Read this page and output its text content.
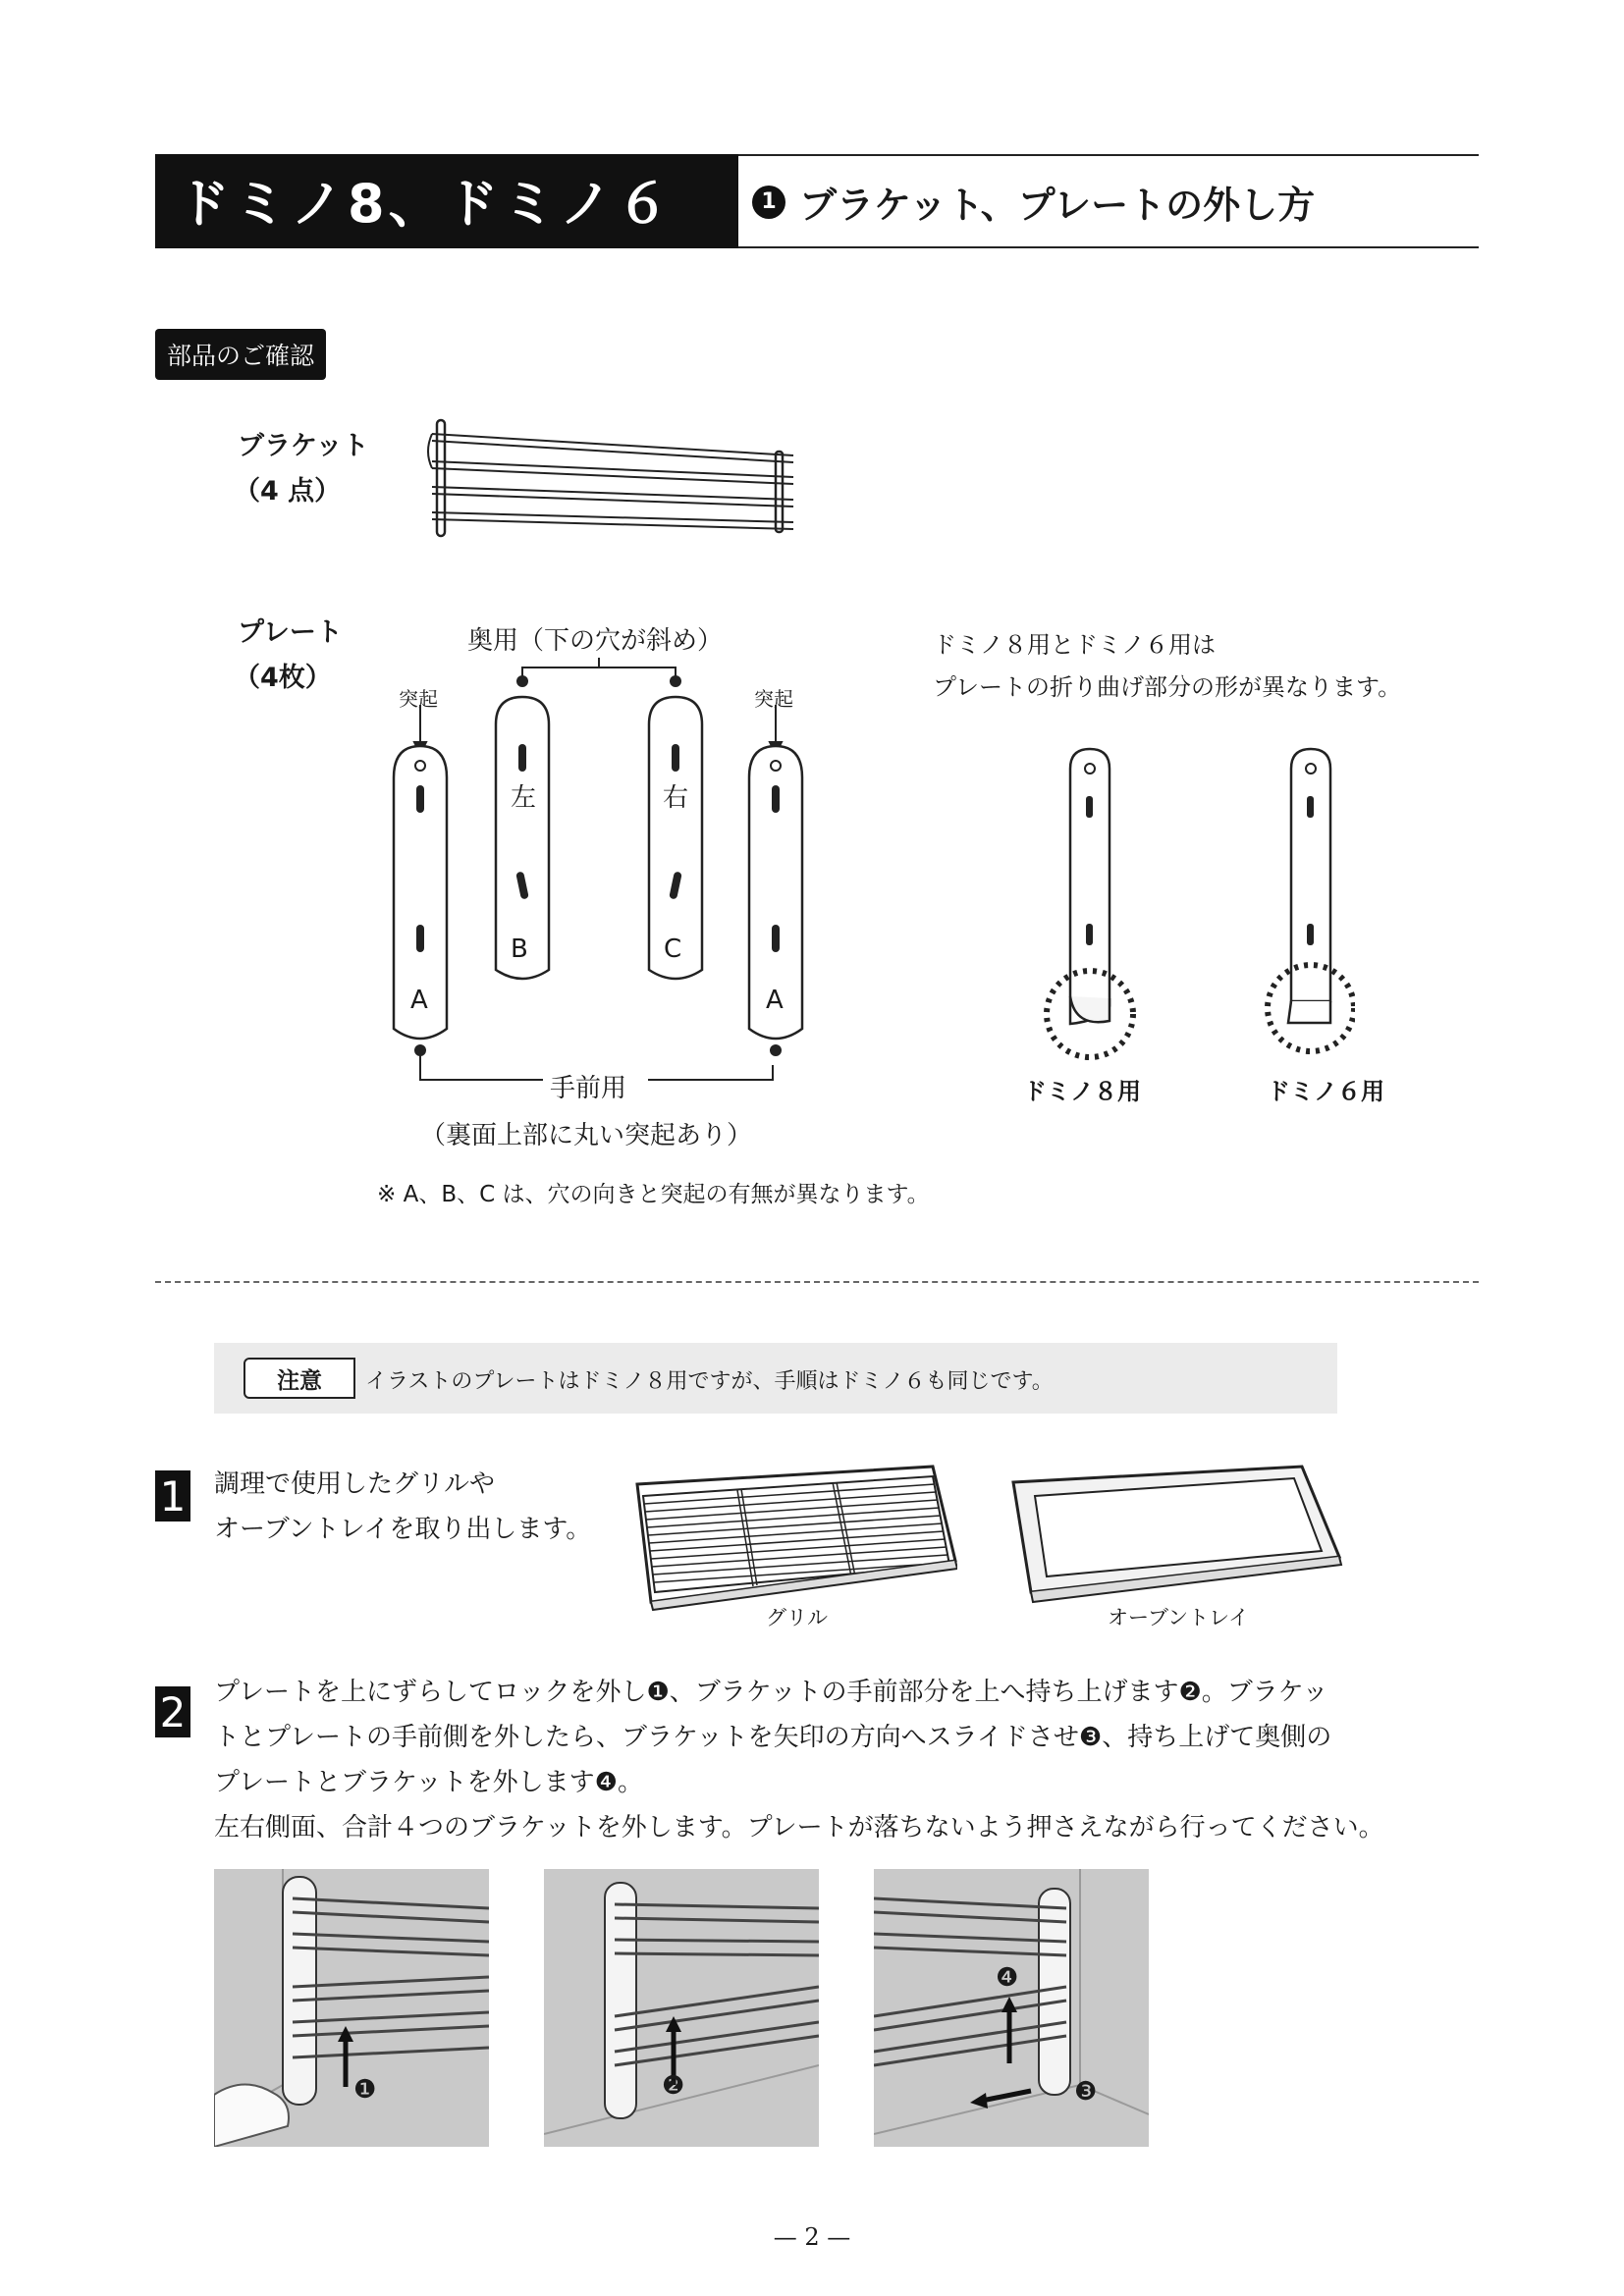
ドミノ8、ドミノ６	1 ブラケット、プレートの外し方
部品のご確認
ブラケット
（4 点）
プレート
（4枚）
奥用（下の穴が斜め）
突起	突起
左	右
B	C
A	A
手前用
（裏面上部に丸い突起あり）
※ A、B、C は、穴の向きと突起の有無が異なります。
ドミノ８用とドミノ６用は
プレートの折り曲げ部分の形が異なります。
ドミノ８用	ドミノ６用
注意	イラストのプレートはドミノ８用ですが、手順はドミノ６も同じです。
1 調理で使用したグリルや
オーブントレイを取り出します。
グリル	オーブントレイ
2 プレートを上にずらしてロックを外し❶、ブラケットの手前部分を上へ持ち上げます❷。ブラケッ
トとプレートの手前側を外したら、ブラケットを矢印の方向へスライドさせ❸、持ち上げて奥側の
プレートとブラケットを外します❹。
左右側面、合計４つのブラケットを外します。プレートが落ちないよう押さえながら行ってください。
❶	❷
❹
❸
— 2 —
